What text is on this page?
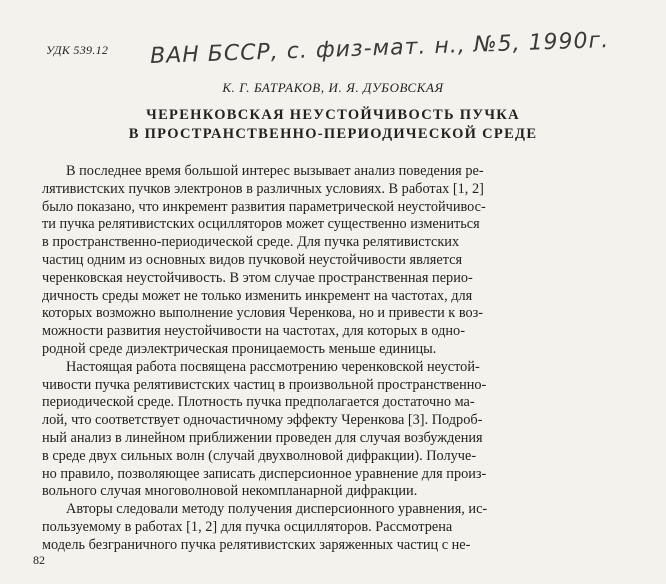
УДК 539.12 ВАН БССР, с. физ-мат. н., №5, 1990г.
К. Г. БАТРАКОВ, И. Я. ДУБОВСКАЯ
ЧЕРЕНКОВСКАЯ НЕУСТОЙЧИВОСТЬ ПУЧКА
В ПРОСТРАНСТВЕННО-ПЕРИОДИЧЕСКОЙ СРЕДЕ

В последнее время большой интерес вызывает анализ поведения ре-
лятивистских пучков электронов в различных условиях. В работах [1, 2]
было показано, что инкремент развития параметрической неустойчивос-
ти пучка релятивистских осцилляторов может существенно измениться
в пространственно-периодической среде. Для пучка релятивистских
частиц одним из основных видов пучковой неустойчивости является
черенковская неустойчивость. В этом случае пространственная перио-
дичность среды может не только изменить инкремент на частотах, для
которых возможно выполнение условия Черенкова, но и привести к воз-
можности развития неустойчивости на частотах, для которых в одно-
родной среде диэлектрическая проницаемость меньше единицы.

Настоящая работа посвящена рассмотрению черенковской неустой-
чивости пучка релятивистских частиц в произвольной пространственно-
периодической среде. Плотность пучка предполагается достаточно ма-
лой, что соответствует одночастичному эффекту Черенкова [3]. Подроб-
ный анализ в линейном приближении проведен для случая возбуждения
в среде двух сильных волн (случай двухволновой дифракции). Получе-
но правило, позволяющее записать дисперсионное уравнение для произ-
вольного случая многоволновой некомпланарной дифракции.

Авторы следовали методу получения дисперсионного уравнения, ис-
пользуемому в работах [1, 2] для пучка осцилляторов. Рассмотрена
модель безграничного пучка релятивистских заряженных частиц с не-

82
